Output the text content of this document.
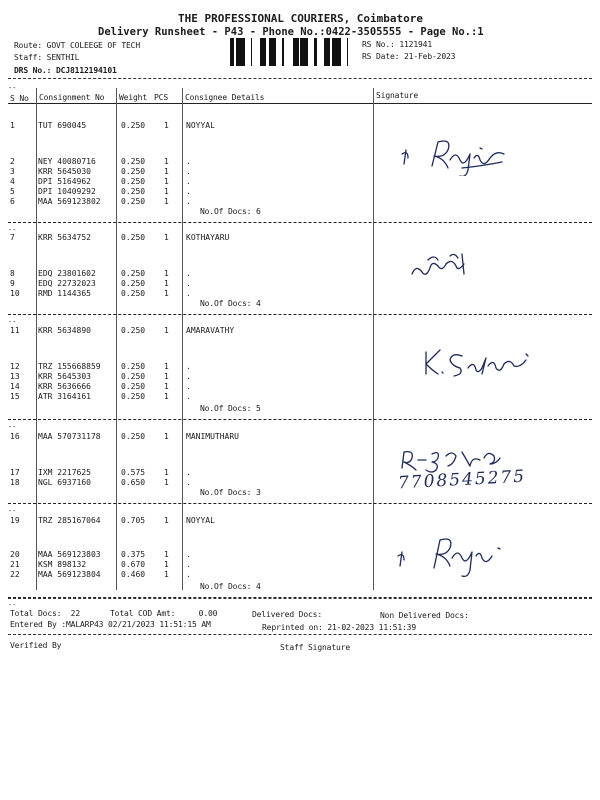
THE PROFESSIONAL COURIERS, Coimbatore
Delivery Runsheet - P43 - Phone No.:0422-3505555 - Page No.:1
Route: GOVT COLEEGE OF TECH
Staff: SENTHIL
DRS No.: DCJ8112194101
RS No.: 1121941
RS Date: 21-Feb-2023
--
S No Consignment No Weight PCS Consignee Details	Signature
1	TUT 690045	0.250 1 NOYYAL
2	NEY 40080716	0.250 1 .
3	KRR 5645030	0.250 1 .
4	DPI 5164962	0.250 1 .
5	DPI 10409292	0.250 1 .
6	MAA 569123802	0.250 1 .
No.Of Docs: 6
--
7	KRR 5634752	0.250 1 KOTHAYARU
8	EDQ 23801602	0.250 1 .
9	EDQ 22732023	0.250 1 .
10 RMD 1144365	0.250 1 .
No.Of Docs: 4
--
11 KRR 5634890	0.250 1 AMARAVATHY
12 TRZ 155668859	0.250 1 .
13 KRR 5645303	0.250 1 .
14 KRR 5636666	0.250 1 .
15 ATR 3164161	0.250 1 .
No.Of Docs: 5
--
16 MAA 570731178	0.250 1 MANIMUTHARU
17 IXM 2217625	0.575 1 .
18 NGL 6937160	0.650 1 .
No.Of Docs: 3
--
19 TRZ 285167064	0.705 1 NOYYAL
20 MAA 569123803	0.375 1 .
21 KSM 898132	0.670 1 .
22 MAA 569123804	0.460 1 .
No.Of Docs: 4
--
7708545275
Total Docs:  22	Total COD Amt:     0.00	Delivered Docs:	Non Delivered Docs:
Entered By :MALARP43 02/21/2023 11:51:15 AM	Reprinted on: 21-02-2023 11:51:39
Verified By	Staff Signature
